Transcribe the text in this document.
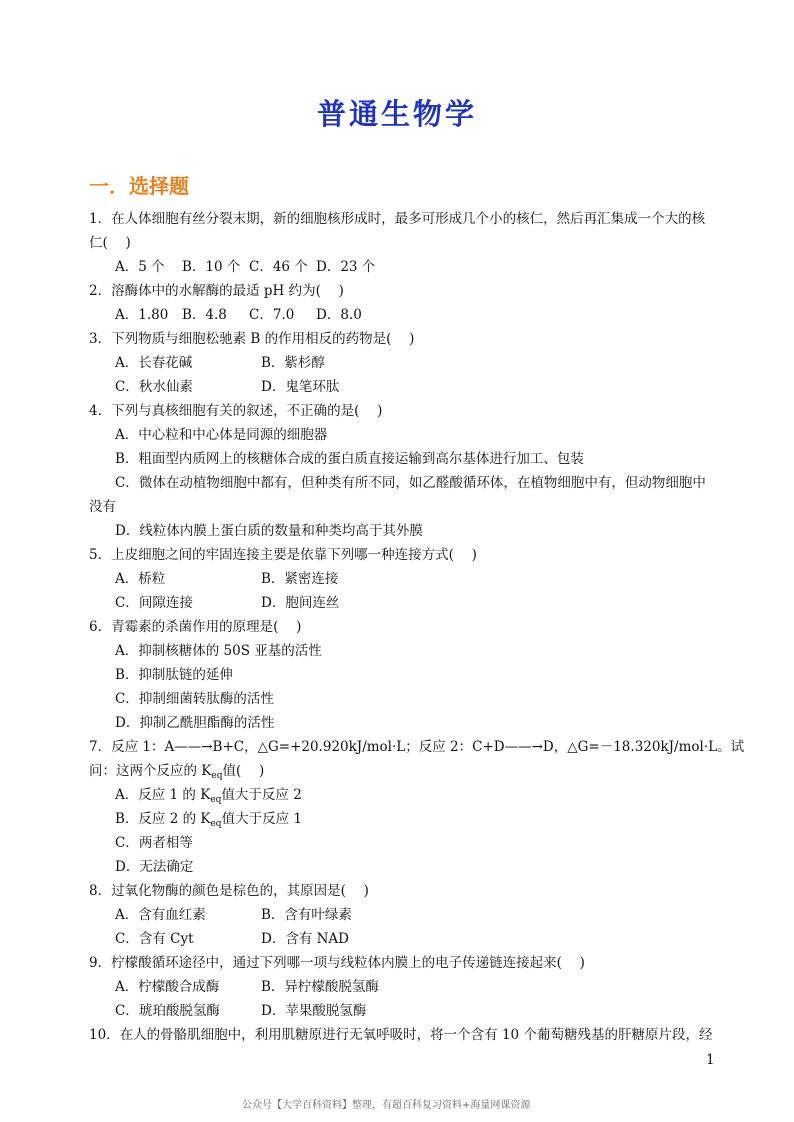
普通生物学
一．选择题
1．在人体细胞有丝分裂末期，新的细胞核形成时，最多可形成几个小的核仁，然后再汇集成一个大的核
仁(　 )
A．5 个 B．10 个 C．46 个 D．23 个
2．溶酶体中的水解酶的最适 pH 约为(　 )
A．1.80 B．4.8 C．7.0 D．8.0
3．下列物质与细胞松驰素 B 的作用相反的药物是(　 )
A．长春花碱	B．紫杉醇
C．秋水仙素	D．鬼笔环肽
4．下列与真核细胞有关的叙述，不正确的是(　 )
A．中心粒和中心体是同源的细胞器
B．粗面型内质网上的核糖体合成的蛋白质直接运输到高尔基体进行加工、包装
C．微体在动植物细胞中都有，但种类有所不同，如乙醛酸循环体，在植物细胞中有，但动物细胞中
没有
D．线粒体内膜上蛋白质的数量和种类均高于其外膜
5．上皮细胞之间的牢固连接主要是依靠下列哪一种连接方式(　 )
A．桥粒	B．紧密连接
C．间隙连接	D．胞间连丝
6．青霉素的杀菌作用的原理是(　 )
A．抑制核糖体的 50S 亚基的活性
B．抑制肽链的延伸
C．抑制细菌转肽酶的活性
D．抑制乙酰胆酯酶的活性
7．反应 1：A——→B+C，△G=+20.920kJ/mol·L；反应 2：C+D——→D，△G=－18.320kJ/mol·L。试
问：这两个反应的 $K_{eq}$值(　 )
A．反应 1 的 $K_{eq}$值大于反应 2
B．反应 2 的 $K_{eq}$值大于反应 1
C．两者相等
D．无法确定
8．过氧化物酶的颜色是棕色的，其原因是(　 )
A．含有血红素	B．含有叶绿素
C．含有 Cyt	D．含有 NAD
9．柠檬酸循环途径中，通过下列哪一项与线粒体内膜上的电子传递链连接起来(　 )
A．柠檬酸合成酶	B．异柠檬酸脱氢酶
C．琥珀酸脱氢酶	D．苹果酸脱氢酶
10．在人的骨骼肌细胞中，利用肌糖原进行无氧呼吸时，将一个含有 10 个葡萄糖残基的肝糖原片段，经
1
公众号【大学百科资料】整理，有超百科复习资料+海量网课资源
